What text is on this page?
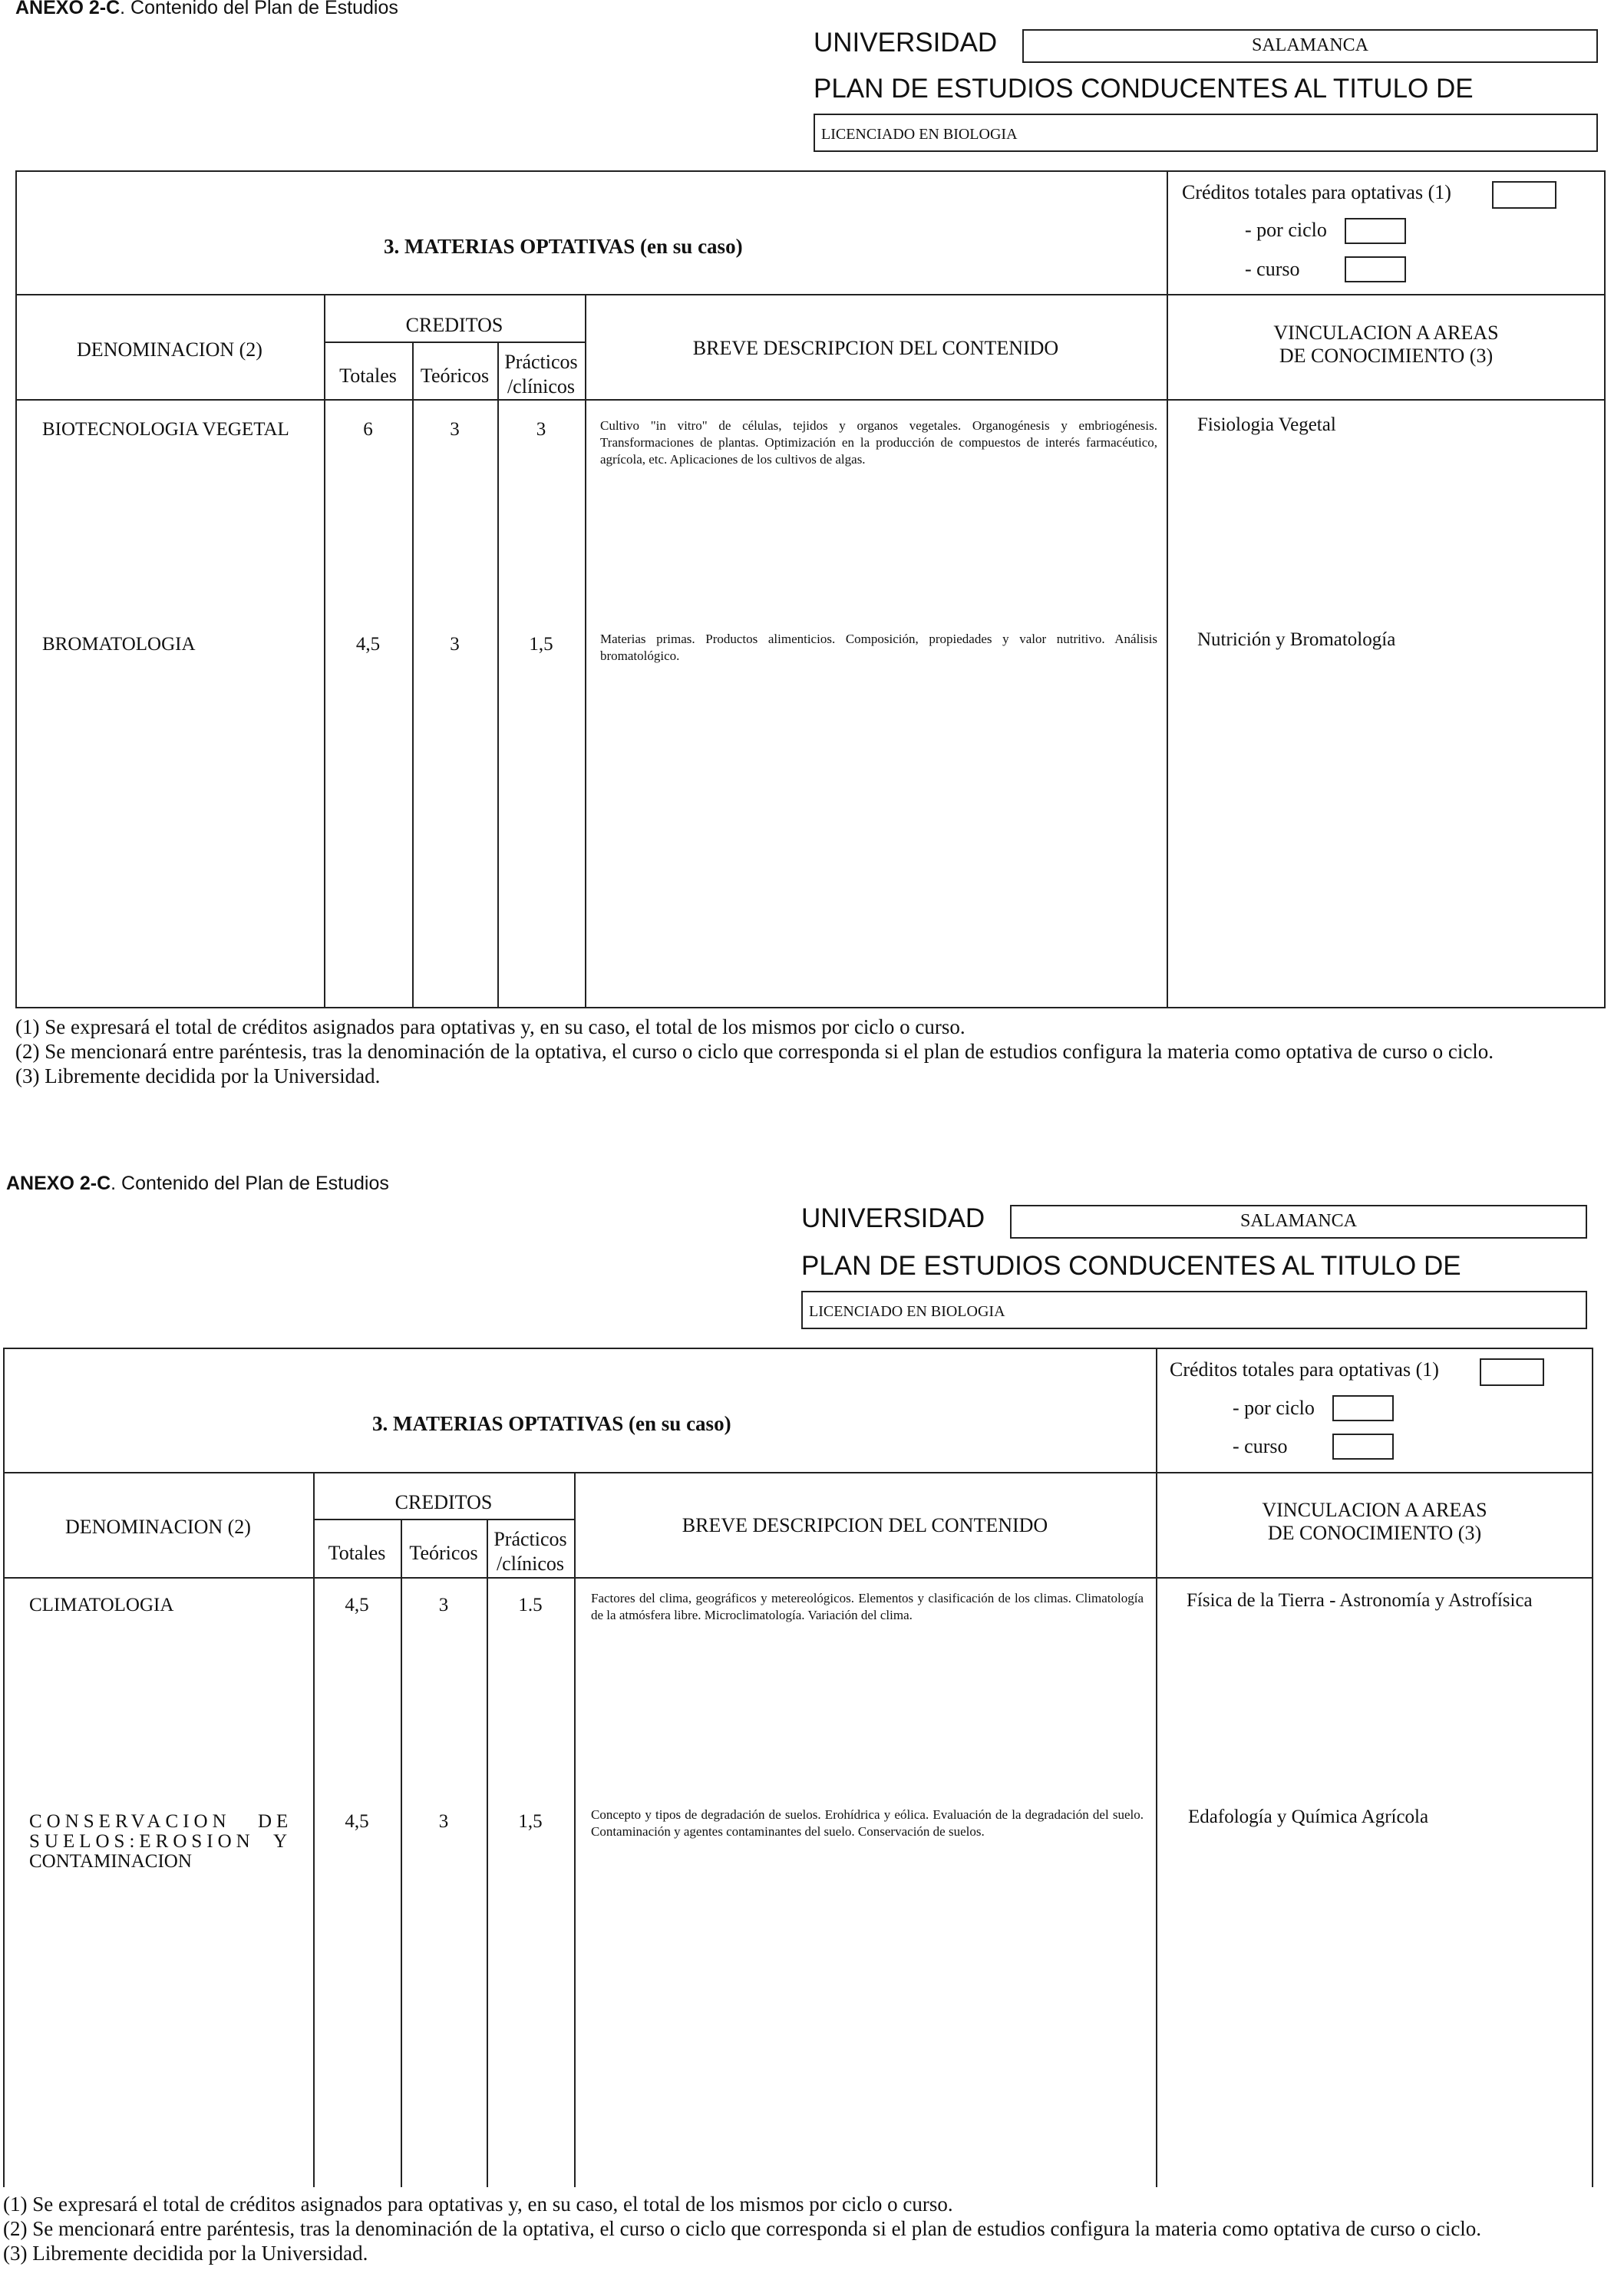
ANEXO 2-C. Contenido del Plan de Estudios
UNIVERSIDAD	SALAMANCA
PLAN DE ESTUDIOS CONDUCENTES AL TITULO DE
LICENCIADO EN BIOLOGIA
3. MATERIAS OPTATIVAS (en su caso)
Créditos totales para optativas (1)
- por ciclo
- curso
DENOMINACION (2)
CREDITOS
Totales	Teóricos
Prácticos
/clínicos
BREVE DESCRIPCION DEL CONTENIDO
VINCULACION A AREAS
DE CONOCIMIENTO (3)
BIOTECNOLOGIA VEGETAL	6	3	3	Cultivo "in vitro" de células, tejidos y organos vegetales. Organogénesis y embriogénesis. Transformaciones de plantas. Optimización en la producción de compuestos de interés farmacéutico, agrícola, etc. Aplicaciones de los cultivos de algas.
Fisiologia Vegetal
BROMATOLOGIA	4,5	3	1,5	Materias primas. Productos alimenticios. Composición, propiedades y valor nutritivo. Análisis bromatológico.
Nutrición y Bromatología
(1) Se expresará el total de créditos asignados para optativas y, en su caso, el total de los mismos por ciclo o curso.
(2) Se mencionará entre paréntesis, tras la denominación de la optativa, el curso o ciclo que corresponda si el plan de estudios configura la materia como optativa de curso o ciclo.
(3) Libremente decidida por la Universidad.
ANEXO 2-C. Contenido del Plan de Estudios
UNIVERSIDAD	SALAMANCA
PLAN DE ESTUDIOS CONDUCENTES AL TITULO DE
LICENCIADO EN BIOLOGIA
3. MATERIAS OPTATIVAS (en su caso)
Créditos totales para optativas (1)
- por ciclo
- curso
DENOMINACION (2)
CREDITOS
Totales	Teóricos
Prácticos
/clínicos
BREVE DESCRIPCION DEL CONTENIDO
VINCULACION A AREAS
DE CONOCIMIENTO (3)
CLIMATOLOGIA	4,5	3	1.5	Factores del clima, geográficos y metereológicos. Elementos y clasificación de los climas. Climatología de la atmósfera libre. Microclimatología. Variación del clima.
Física de la Tierra - Astronomía y Astrofísica
CONSERVACION DE
SUELOS:EROSION Y
CONTAMINACION
4,5	3	1,5	Concepto y tipos de degradación de suelos. Erohídrica y eólica. Evaluación de la degradación del suelo. Contaminación y agentes contaminantes del suelo. Conservación de suelos.
Edafología y Química Agrícola
(1) Se expresará el total de créditos asignados para optativas y, en su caso, el total de los mismos por ciclo o curso.
(2) Se mencionará entre paréntesis, tras la denominación de la optativa, el curso o ciclo que corresponda si el plan de estudios configura la materia como optativa de curso o ciclo.
(3) Libremente decidida por la Universidad.
